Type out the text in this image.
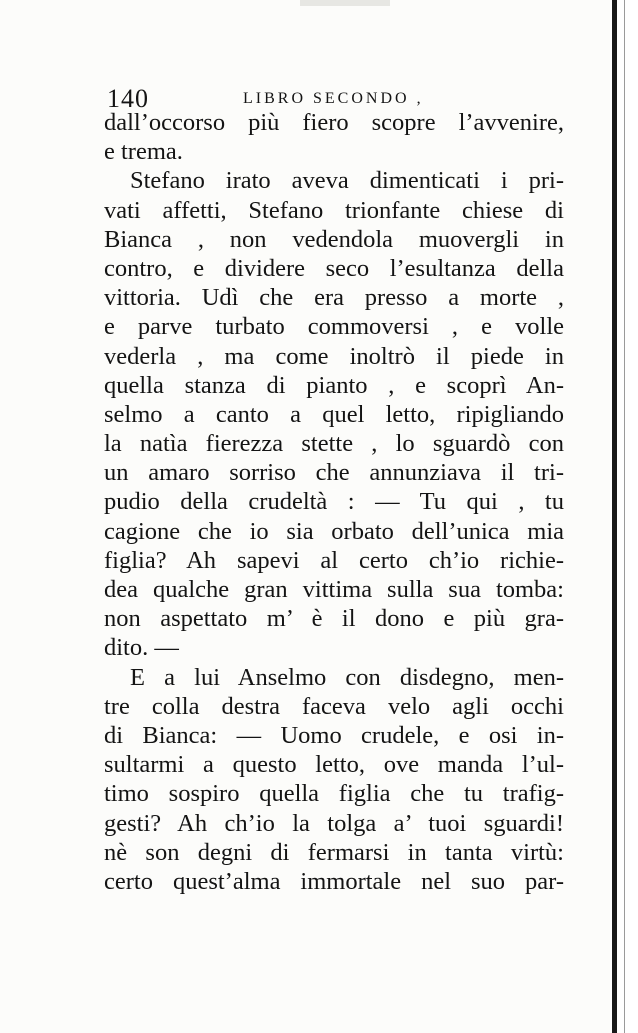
140	LIBRO SECONDO ,
dall’occorso più fiero scopre l’avvenire,
e trema.
Stefano irato aveva dimenticati i pri-
vati affetti, Stefano trionfante chiese di
Bianca , non vedendola muovergli in
contro, e dividere seco l’esultanza della
vittoria. Udì che era presso a morte ,
e parve turbato commoversi , e volle
vederla , ma come inoltrò il piede in
quella stanza di pianto , e scoprì An-
selmo a canto a quel letto, ripigliando
la natìa fierezza stette , lo sguardò con
un amaro sorriso che annunziava il tri-
pudio della crudeltà : — Tu qui , tu
cagione che io sia orbato dell’unica mia
figlia? Ah sapevi al certo ch’io richie-
dea qualche gran vittima sulla sua tomba:
non aspettato m’ è il dono e più gra-
dito. —
E a lui Anselmo con disdegno, men-
tre colla destra faceva velo agli occhi
di Bianca: — Uomo crudele, e osi in-
sultarmi a questo letto, ove manda l’ul-
timo sospiro quella figlia che tu trafig-
gesti? Ah ch’io la tolga a’ tuoi sguardi!
nè son degni di fermarsi in tanta virtù:
certo quest’alma immortale nel suo par-
